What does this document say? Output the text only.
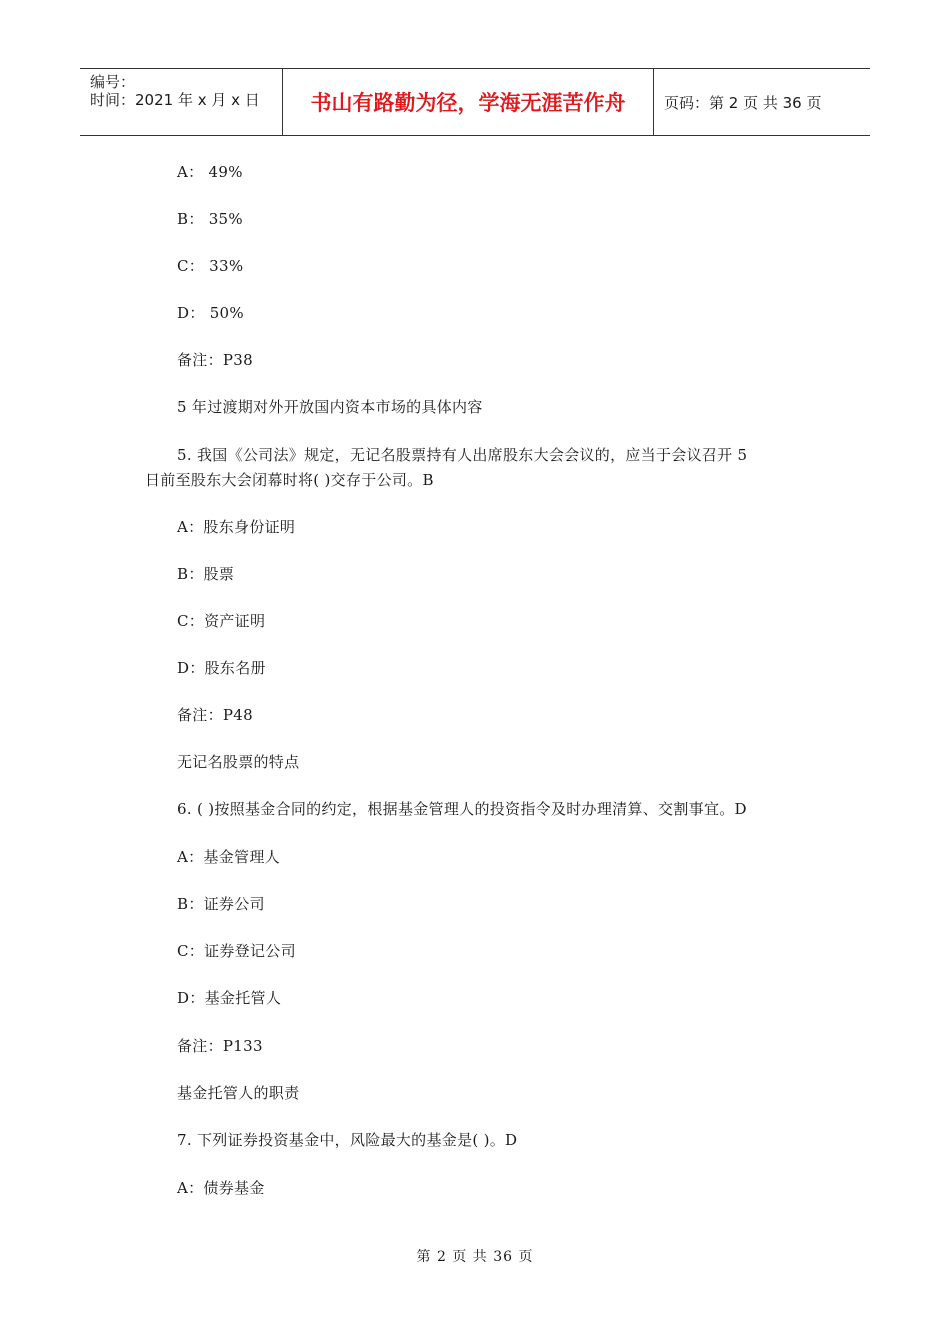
编号：
时间：2021 年 x 月 x 日	书山有路勤为径，学海无涯苦作舟	页码：第 2 页 共 36 页
A： 49%
B： 35%
C： 33%
D： 50%
备注：P38
5 年过渡期对外开放国内资本市场的具体内容
5. 我国《公司法》规定，无记名股票持有人出席股东大会会议的，应当于会议召开 5
日前至股东大会闭幕时将( )交存于公司。B
A：股东身份证明
B：股票
C：资产证明
D：股东名册
备注：P48
无记名股票的特点
6. ( )按照基金合同的约定，根据基金管理人的投资指令及时办理清算、交割事宜。D
A：基金管理人
B：证券公司
C：证券登记公司
D：基金托管人
备注：P133
基金托管人的职责
7. 下列证券投资基金中，风险最大的基金是( )。D
A：债券基金
第 2 页 共 36 页
